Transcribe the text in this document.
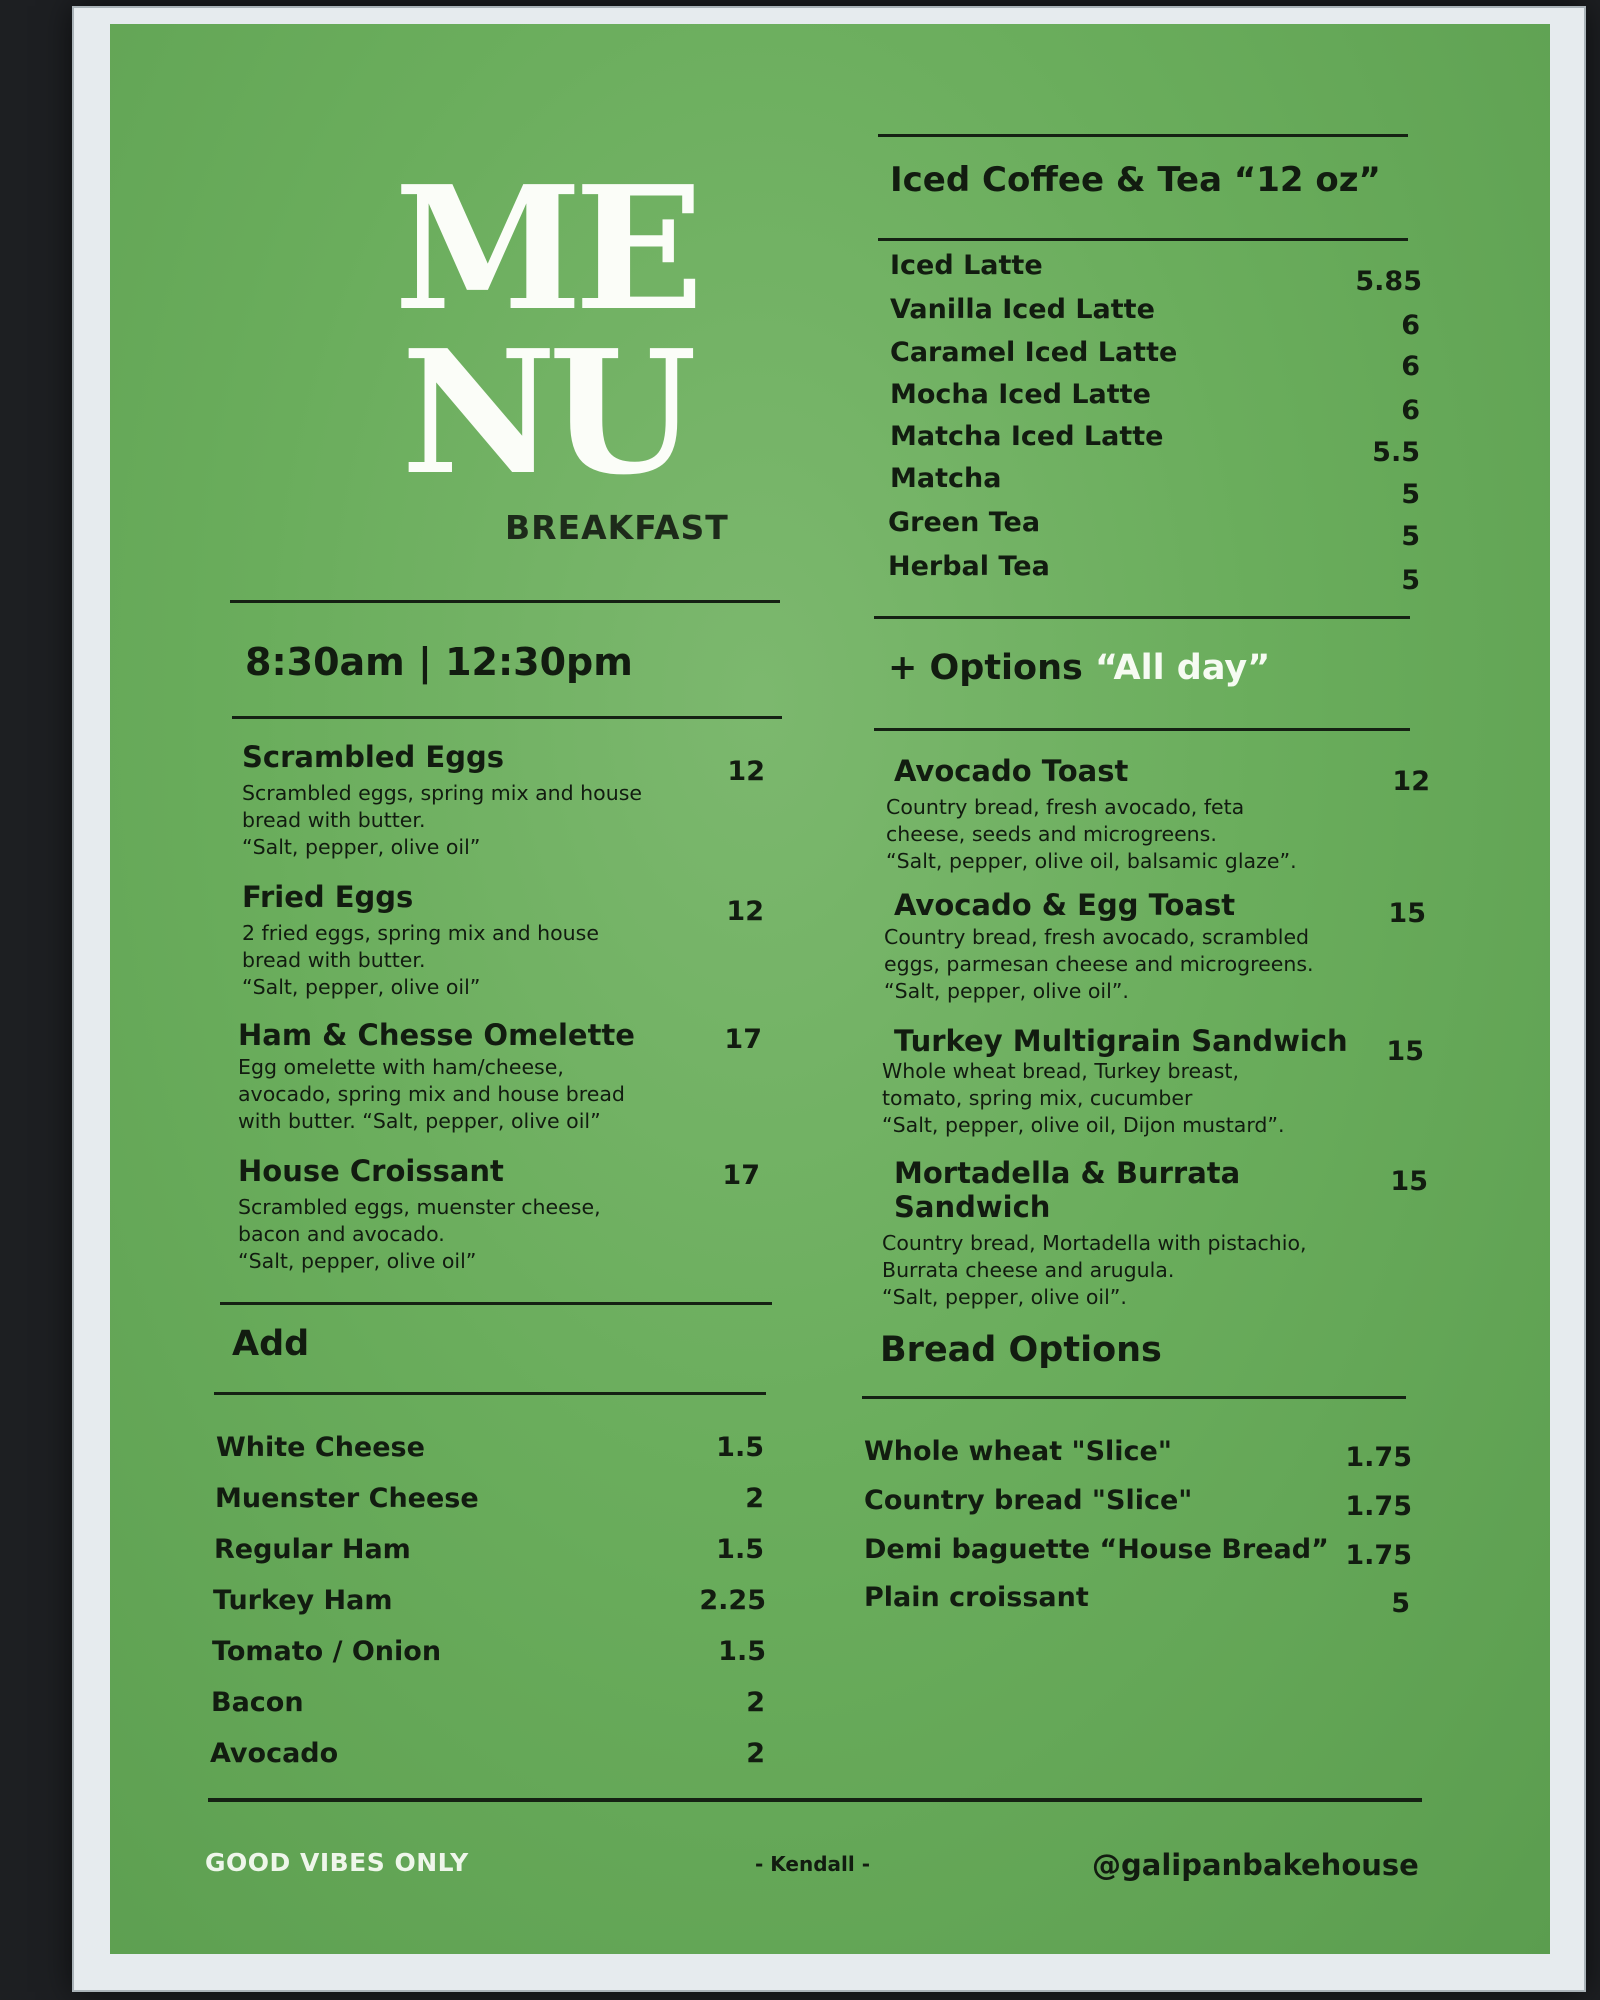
ME
NU
BREAKFAST
8:30am | 12:30pm
Scrambled Eggs
Scrambled eggs, spring mix and house
bread with butter.
“Salt, pepper, olive oil”
12
Fried Eggs
2 fried eggs, spring mix and house
bread with butter.
“Salt, pepper, olive oil”
12
Ham & Chesse Omelette
Egg omelette with ham/cheese,
avocado, spring mix and house bread
with butter. “Salt, pepper, olive oil”
17
House Croissant
Scrambled eggs, muenster cheese,
bacon and avocado.
“Salt, pepper, olive oil”
17
Add
White Cheese	1.5
Muenster Cheese	2
Regular Ham	1.5
Turkey Ham	2.25
Tomato / Onion	1.5
Bacon	2
Avocado	2
Iced Coffee & Tea “12 oz”
Iced Latte
5.85
Vanilla Iced Latte
6
Caramel Iced Latte	6
Mocha Iced Latte
6
Matcha Iced Latte
5.5
Matcha
5
Green Tea	5
Herbal Tea	5
+ Options “All day”
Avocado Toast
Country bread, fresh avocado, feta
cheese, seeds and microgreens.
“Salt, pepper, olive oil, balsamic glaze”.
12
Avocado & Egg Toast
Country bread, fresh avocado, scrambled
eggs, parmesan cheese and microgreens.
“Salt, pepper, olive oil”.
15
Turkey Multigrain Sandwich
Whole wheat bread, Turkey breast,
tomato, spring mix, cucumber
“Salt, pepper, olive oil, Dijon mustard”.
15
Mortadella & Burrata Sandwich
Country bread, Mortadella with pistachio,
Burrata cheese and arugula.
“Salt, pepper, olive oil”.
15
Bread Options
Whole wheat "Slice"	1.75
Country bread "Slice"	1.75
Demi baguette “House Bread” 1.75
Plain croissant	5
GOOD VIBES ONLY	- Kendall -	@galipanbakehouse
